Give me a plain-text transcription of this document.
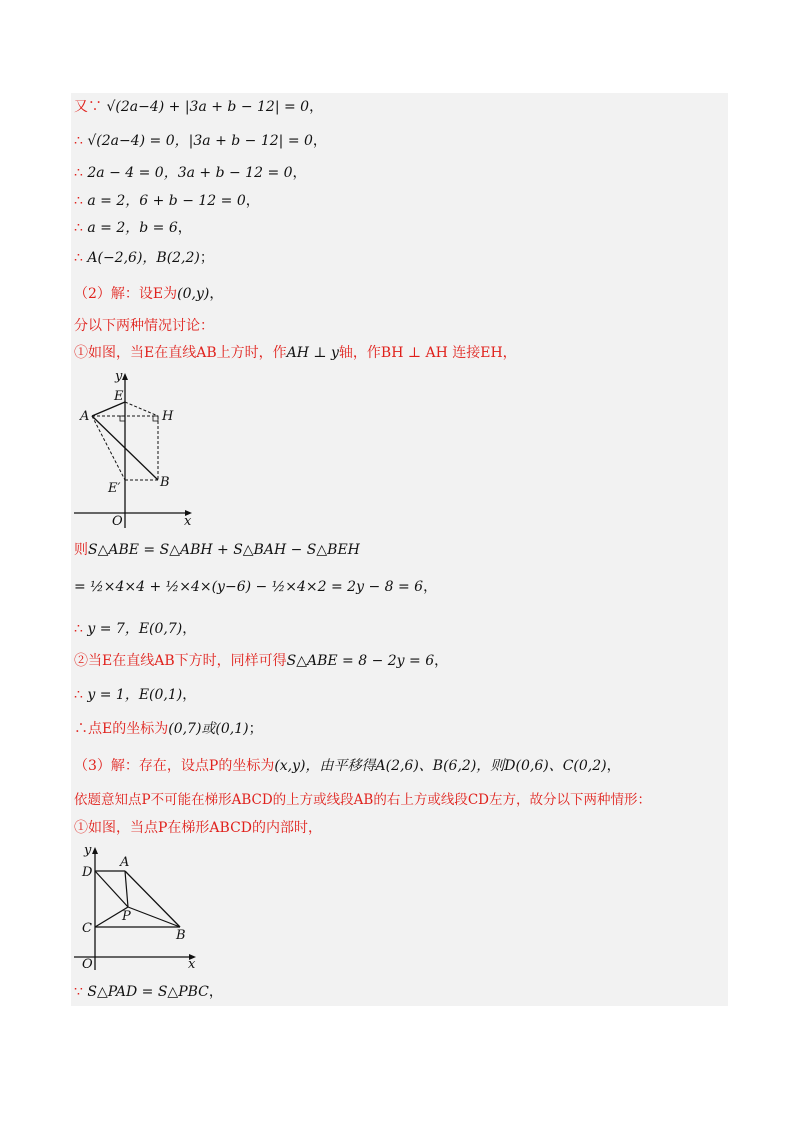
又∵ √(2a−4) + |3a + b − 12| = 0，
∴ √(2a−4) = 0，|3a + b − 12| = 0，
∴ 2a − 4 = 0，3a + b − 12 = 0，
∴ a = 2，6 + b − 12 = 0，
∴ a = 2，b = 6，
∴ A(−2,6)，B(2,2)；
（2）解：设E为(0,y)，
分以下两种情况讨论：
①如图，当E在直线AB上方时，作AH ⊥ y轴，作BH ⊥ AH 连接EH，
y
E
A	H
E′	B
O	x
则S△ABE = S△ABH + S△BAH − S△BEH
= ½×4×4 + ½×4×(y−6) − ½×4×2 = 2y − 8 = 6，
∴ y = 7，E(0,7)，
②当E在直线AB下方时，同样可得S△ABE = 8 − 2y = 6，
∴ y = 1，E(0,1)，
∴点E的坐标为(0,7)或(0,1)；
（3）解：存在，设点P的坐标为(x,y)，由平移得A(2,6)、B(6,2)，则D(0,6)、C(0,2)，
依题意知点P不可能在梯形ABCD的上方或线段AB的右上方或线段CD左方，故分以下两种情形：
①如图，当点P在梯形ABCD的内部时，
y
A
D
P
C	B
O	x
∵ S△PAD = S△PBC，
